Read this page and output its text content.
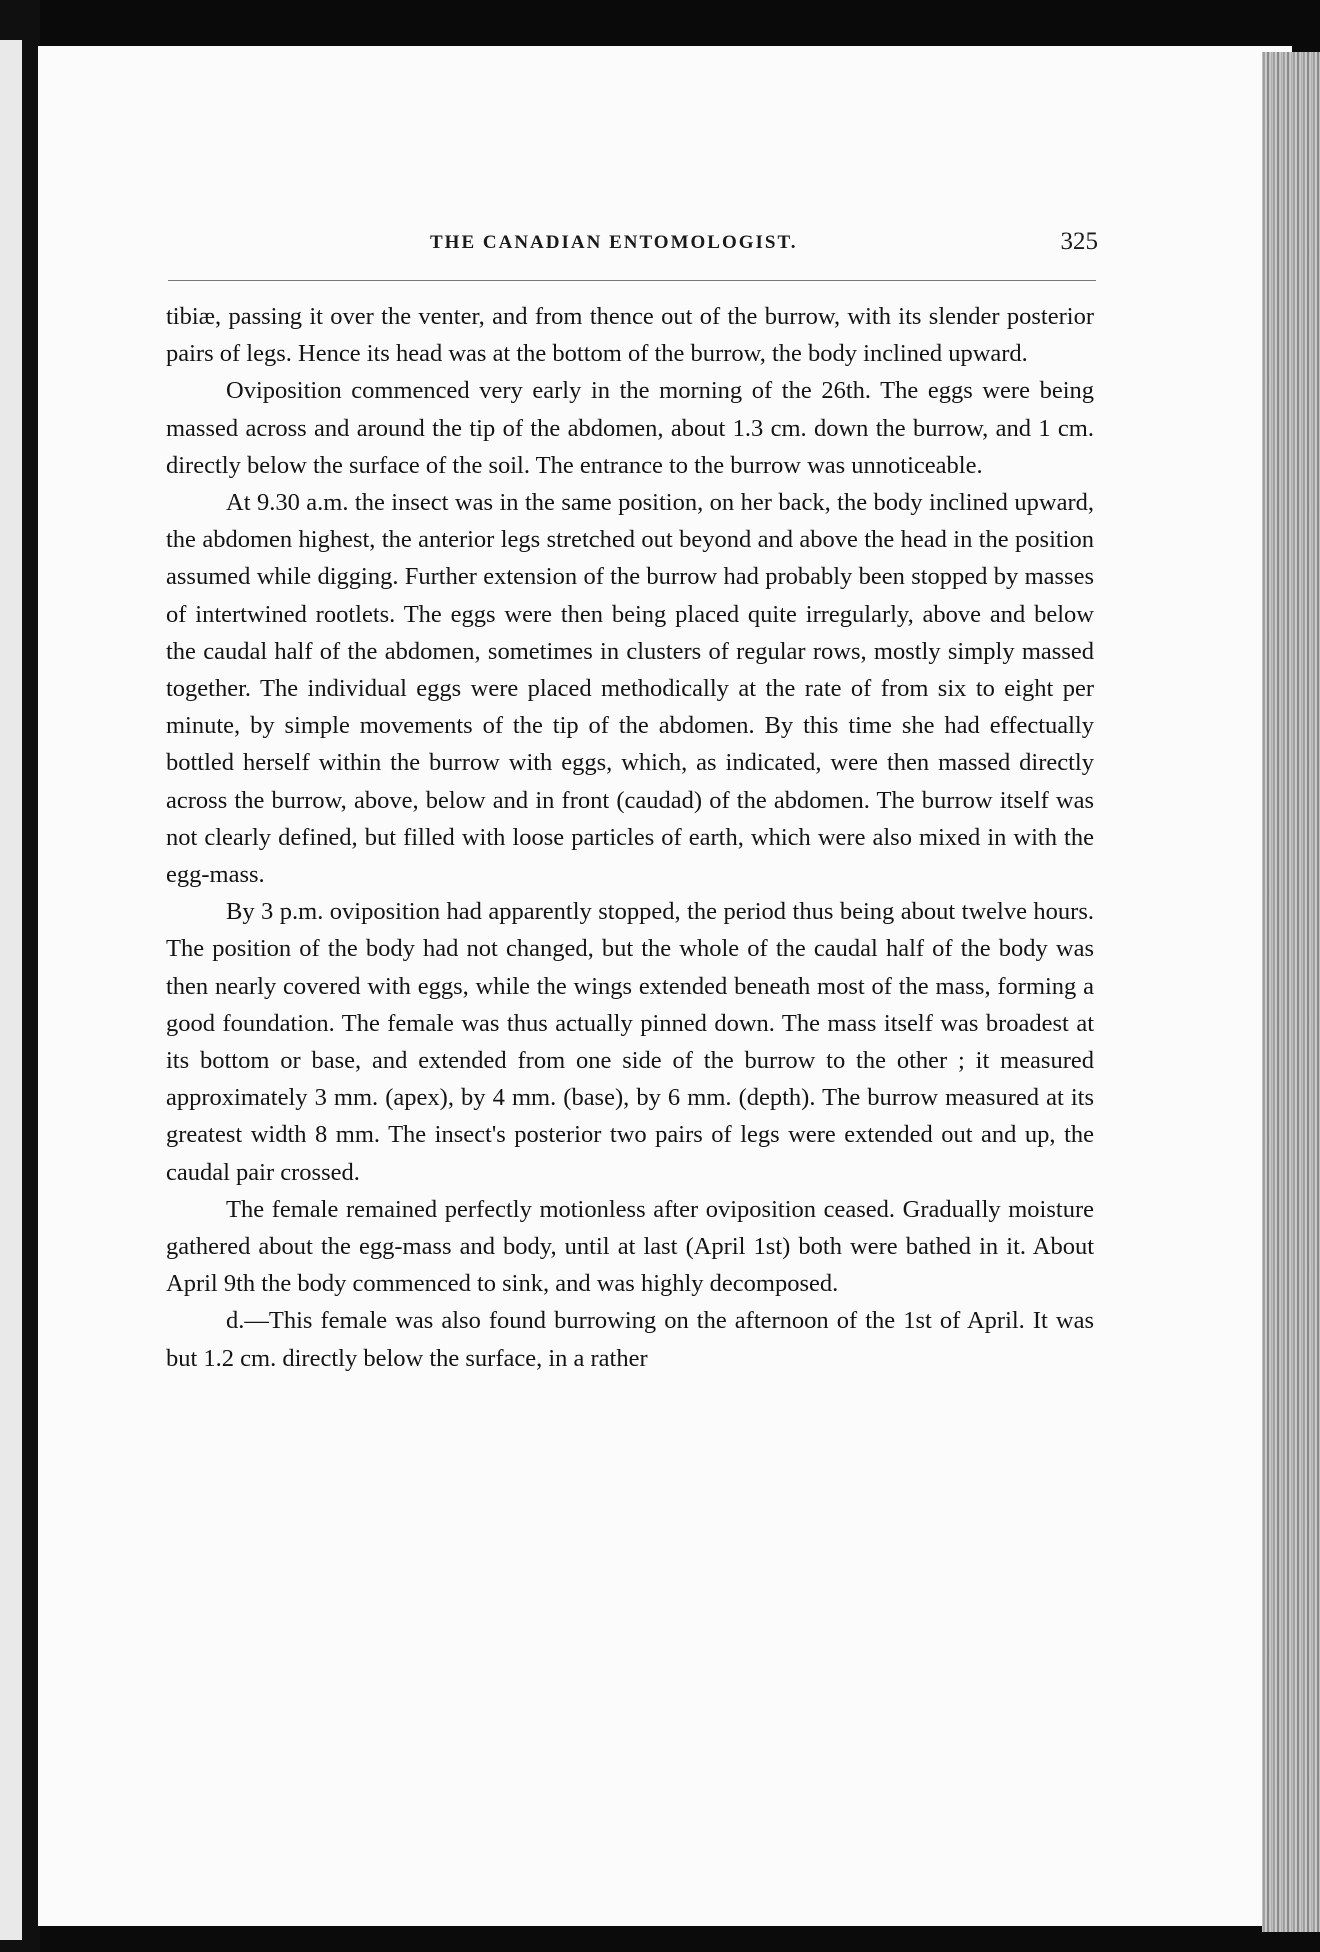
THE CANADIAN ENTOMOLOGIST.	325

tibiæ, passing it over the venter, and from thence out of the burrow, with its slender posterior pairs of legs. Hence its head was at the bottom of the burrow, the body inclined upward.

Oviposition commenced very early in the morning of the 26th. The eggs were being massed across and around the tip of the abdomen, about 1.3 cm. down the burrow, and 1 cm. directly below the surface of the soil. The entrance to the burrow was unnoticeable.

At 9.30 a.m. the insect was in the same position, on her back, the body inclined upward, the abdomen highest, the anterior legs stretched out beyond and above the head in the position assumed while digging. Further extension of the burrow had probably been stopped by masses of intertwined rootlets. The eggs were then being placed quite irregularly, above and below the caudal half of the abdomen, sometimes in clusters of regular rows, mostly simply massed together. The individual eggs were placed methodically at the rate of from six to eight per minute, by simple movements of the tip of the abdomen. By this time she had effectually bottled herself within the burrow with eggs, which, as indicated, were then massed directly across the burrow, above, below and in front (caudad) of the abdomen. The burrow itself was not clearly defined, but filled with loose particles of earth, which were also mixed in with the egg-mass.

By 3 p.m. oviposition had apparently stopped, the period thus being about twelve hours. The position of the body had not changed, but the whole of the caudal half of the body was then nearly covered with eggs, while the wings extended beneath most of the mass, forming a good foundation. The female was thus actually pinned down. The mass itself was broadest at its bottom or base, and extended from one side of the burrow to the other ; it measured approximately 3 mm. (apex), by 4 mm. (base), by 6 mm. (depth). The burrow measured at its greatest width 8 mm. The insect's posterior two pairs of legs were extended out and up, the caudal pair crossed.

The female remained perfectly motionless after oviposition ceased. Gradually moisture gathered about the egg-mass and body, until at last (April 1st) both were bathed in it. About April 9th the body commenced to sink, and was highly decomposed.

d.—This female was also found burrowing on the afternoon of the 1st of April. It was but 1.2 cm. directly below the surface, in a rather
